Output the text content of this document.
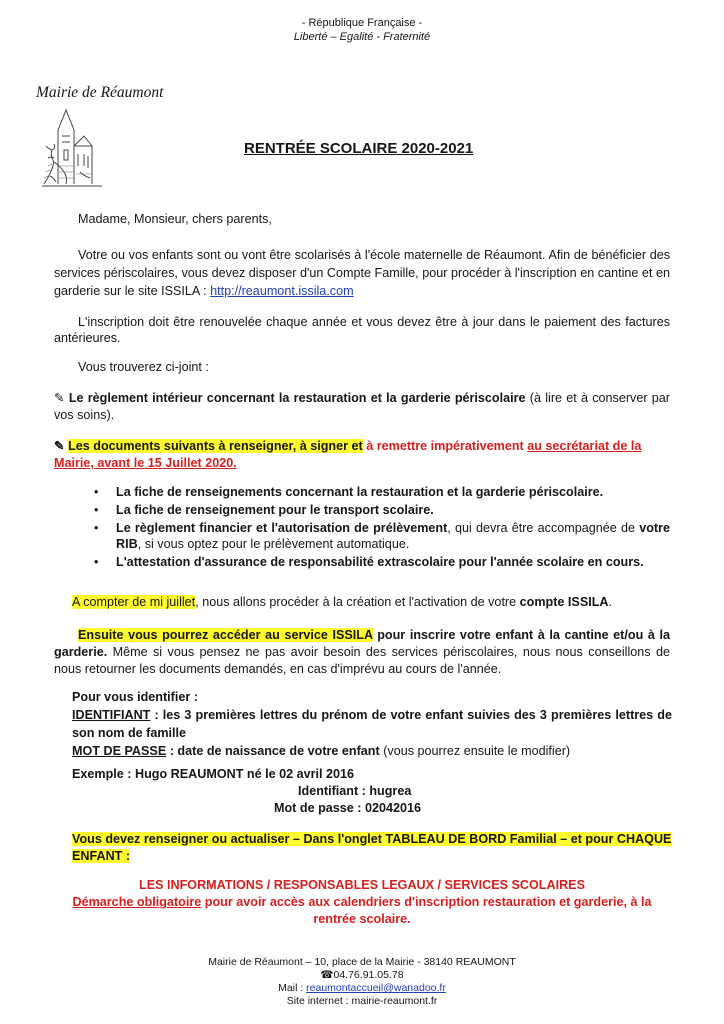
- République Française -
Liberté – Egalité - Fraternité
Mairie de Réaumont
RENTRÉE SCOLAIRE 2020-2021

Madame, Monsieur, chers parents,

Votre ou vos enfants sont ou vont être scolarisés à l'école maternelle de Réaumont. Afin de bénéficier des services périscolaires, vous devez disposer d'un Compte Famille, pour procéder à l'inscription en cantine et en garderie sur le site ISSILA : http://reaumont.issila.com

L'inscription doit être renouvelée chaque année et vous devez être à jour dans le paiement des factures antérieures.

Vous trouverez ci-joint :

✎ Le règlement intérieur concernant la restauration et la garderie périscolaire (à lire et à conserver par vos soins).

✎ Les documents suivants à renseigner, à signer et à remettre impérativement au secrétariat de la Mairie, avant le 15 Juillet 2020.

• La fiche de renseignements concernant la restauration et la garderie périscolaire.
• La fiche de renseignement pour le transport scolaire.
• Le règlement financier et l'autorisation de prélèvement, qui devra être accompagnée de votre RIB, si vous optez pour le prélèvement automatique.
• L'attestation d'assurance de responsabilité extrascolaire pour l'année scolaire en cours.

A compter de mi juillet, nous allons procéder à la création et l'activation de votre compte ISSILA.

Ensuite vous pourrez accéder au service ISSILA pour inscrire votre enfant à la cantine et/ou à la garderie. Même si vous pensez ne pas avoir besoin des services périscolaires, nous nous conseillons de nous retourner les documents demandés, en cas d'imprévu au cours de l'année.

Pour vous identifier :
IDENTIFIANT : les 3 premières lettres du prénom de votre enfant suivies des 3 premières lettres de son nom de famille
MOT DE PASSE : date de naissance de votre enfant (vous pourrez ensuite le modifier)
Exemple : Hugo REAUMONT né le 02 avril 2016
Identifiant : hugrea
Mot de passe : 02042016

Vous devez renseigner ou actualiser – Dans l'onglet TABLEAU DE BORD Familial – et pour CHAQUE ENFANT :

LES INFORMATIONS / RESPONSABLES LEGAUX / SERVICES SCOLAIRES
Démarche obligatoire pour avoir accès aux calendriers d'inscription restauration et garderie, à la rentrée scolaire.
Mairie de Réaumont – 10, place de la Mairie - 38140 REAUMONT
☎04.76.91.05.78
Mail : reaumontaccueil@wanadoo.fr
Site internet : mairie-reaumont.fr
